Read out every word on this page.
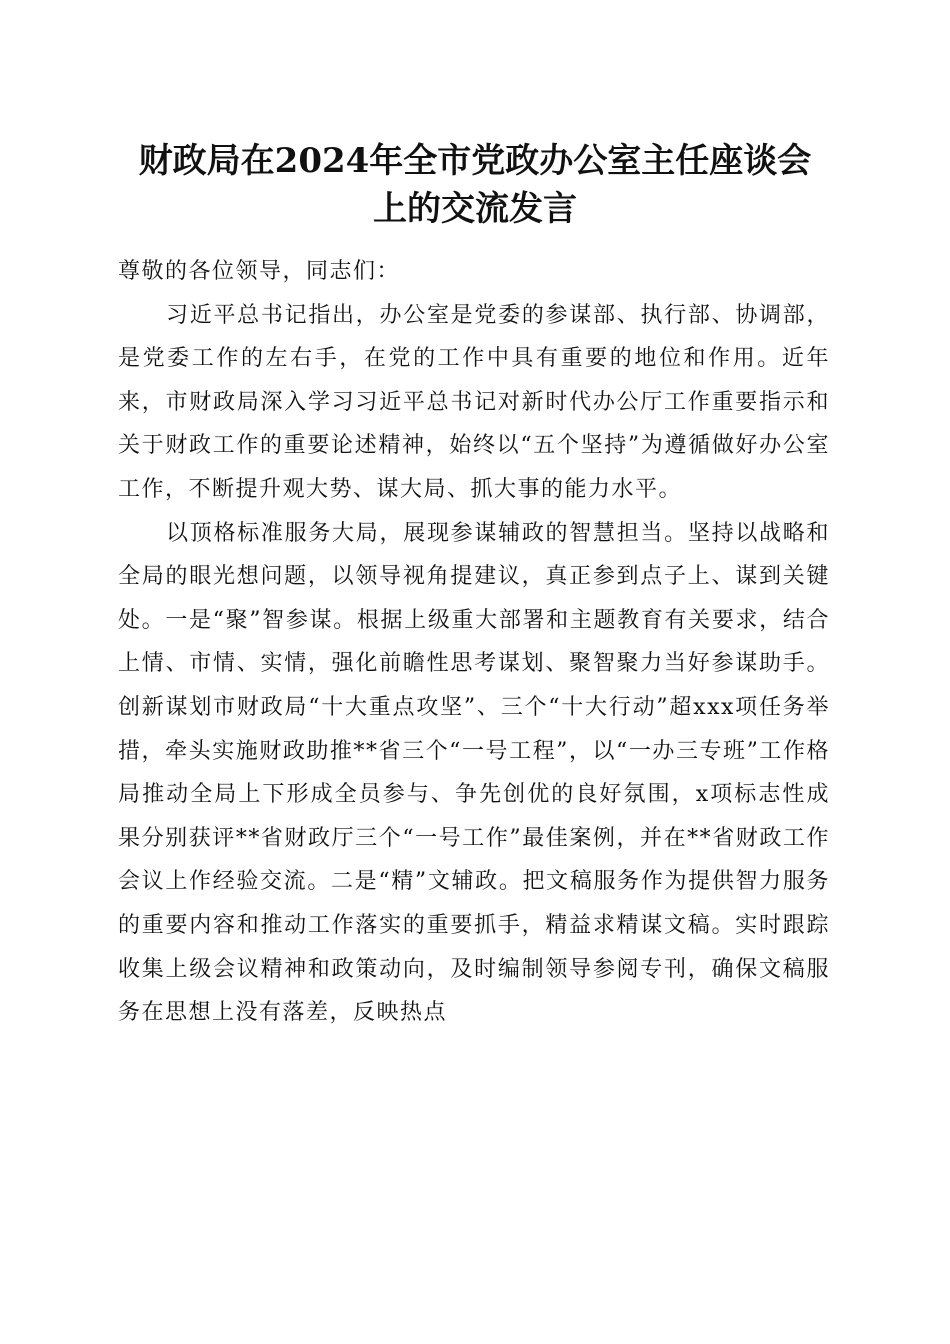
财政局在2024年全市党政办公室主任座谈会
上的交流发言

尊敬的各位领导，同志们：

习近平总书记指出，办公室是党委的参谋部、执行部、协调部，是党委工作的左右手，在党的工作中具有重要的地位和作用。近年来，市财政局深入学习习近平总书记对新时代办公厅工作重要指示和关于财政工作的重要论述精神，始终以“五个坚持”为遵循做好办公室工作，不断提升观大势、谋大局、抓大事的能力水平。

以顶格标准服务大局，展现参谋辅政的智慧担当。坚持以战略和全局的眼光想问题，以领导视角提建议，真正参到点子上、谋到关键处。一是“聚”智参谋。根据上级重大部署和主题教育有关要求，结合上情、市情、实情，强化前瞻性思考谋划、聚智聚力当好参谋助手。创新谋划市财政局“十大重点攻坚”、三个“十大行动”超xxx项任务举措，牵头实施财政助推**省三个“一号工程”，以“一办三专班”工作格局推动全局上下形成全员参与、争先创优的良好氛围，x项标志性成果分别获评**省财政厅三个“一号工作”最佳案例，并在**省财政工作会议上作经验交流。二是“精”文辅政。把文稿服务作为提供智力服务的重要内容和推动工作落实的重要抓手，精益求精谋文稿。实时跟踪收集上级会议精神和政策动向，及时编制领导参阅专刊，确保文稿服务在思想上没有落差，反映热点
